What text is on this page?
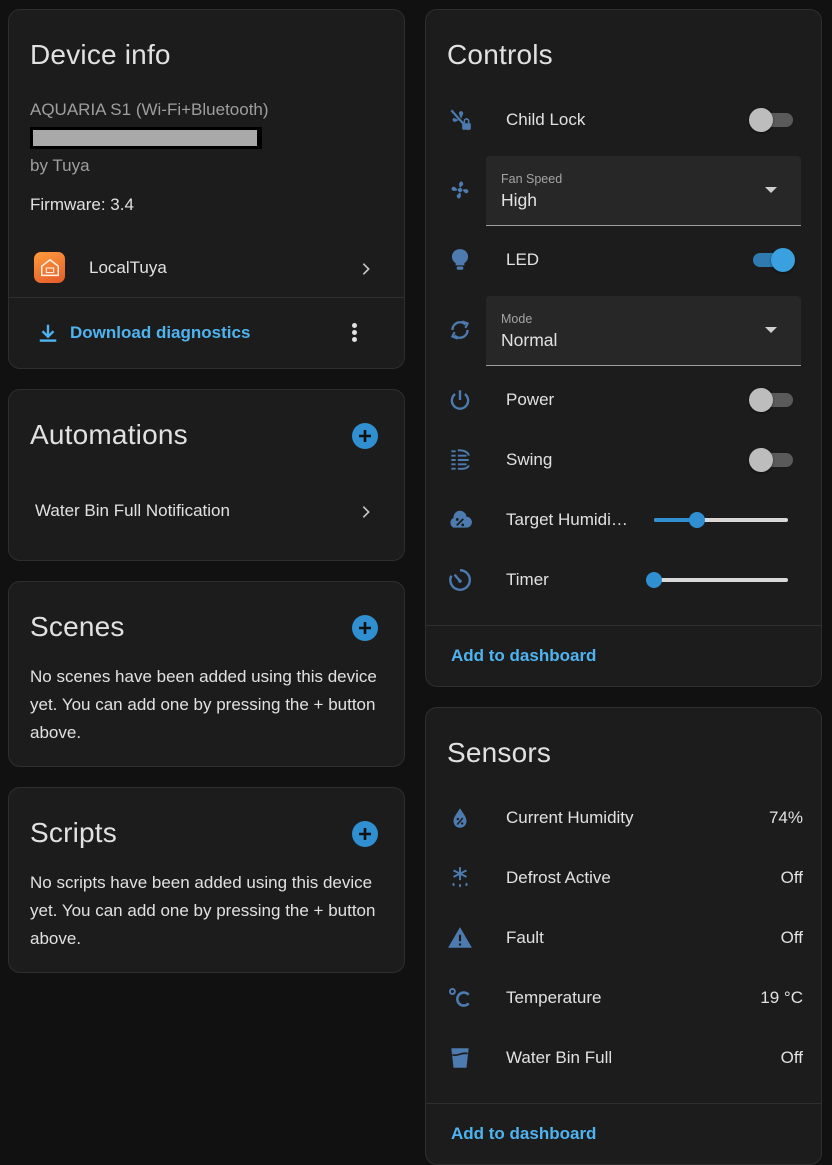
Device info
AQUARIA S1 (Wi-Fi+Bluetooth)
by Tuya
Firmware: 3.4
LocalTuya
Download diagnostics
Automations
Water Bin Full Notification
Scenes
No scenes have been added using this device yet. You can add one by pressing the + button above.
Scripts
No scripts have been added using this device yet. You can add one by pressing the + button above.
Controls
Child Lock
Fan Speed
High
LED
Mode
Normal
Power
Swing
Target Humidi…
Timer
Add to dashboard
Sensors
Current Humidity	74%
Defrost Active	Off
Fault	Off
Temperature	19 °C
Water Bin Full	Off
Add to dashboard
